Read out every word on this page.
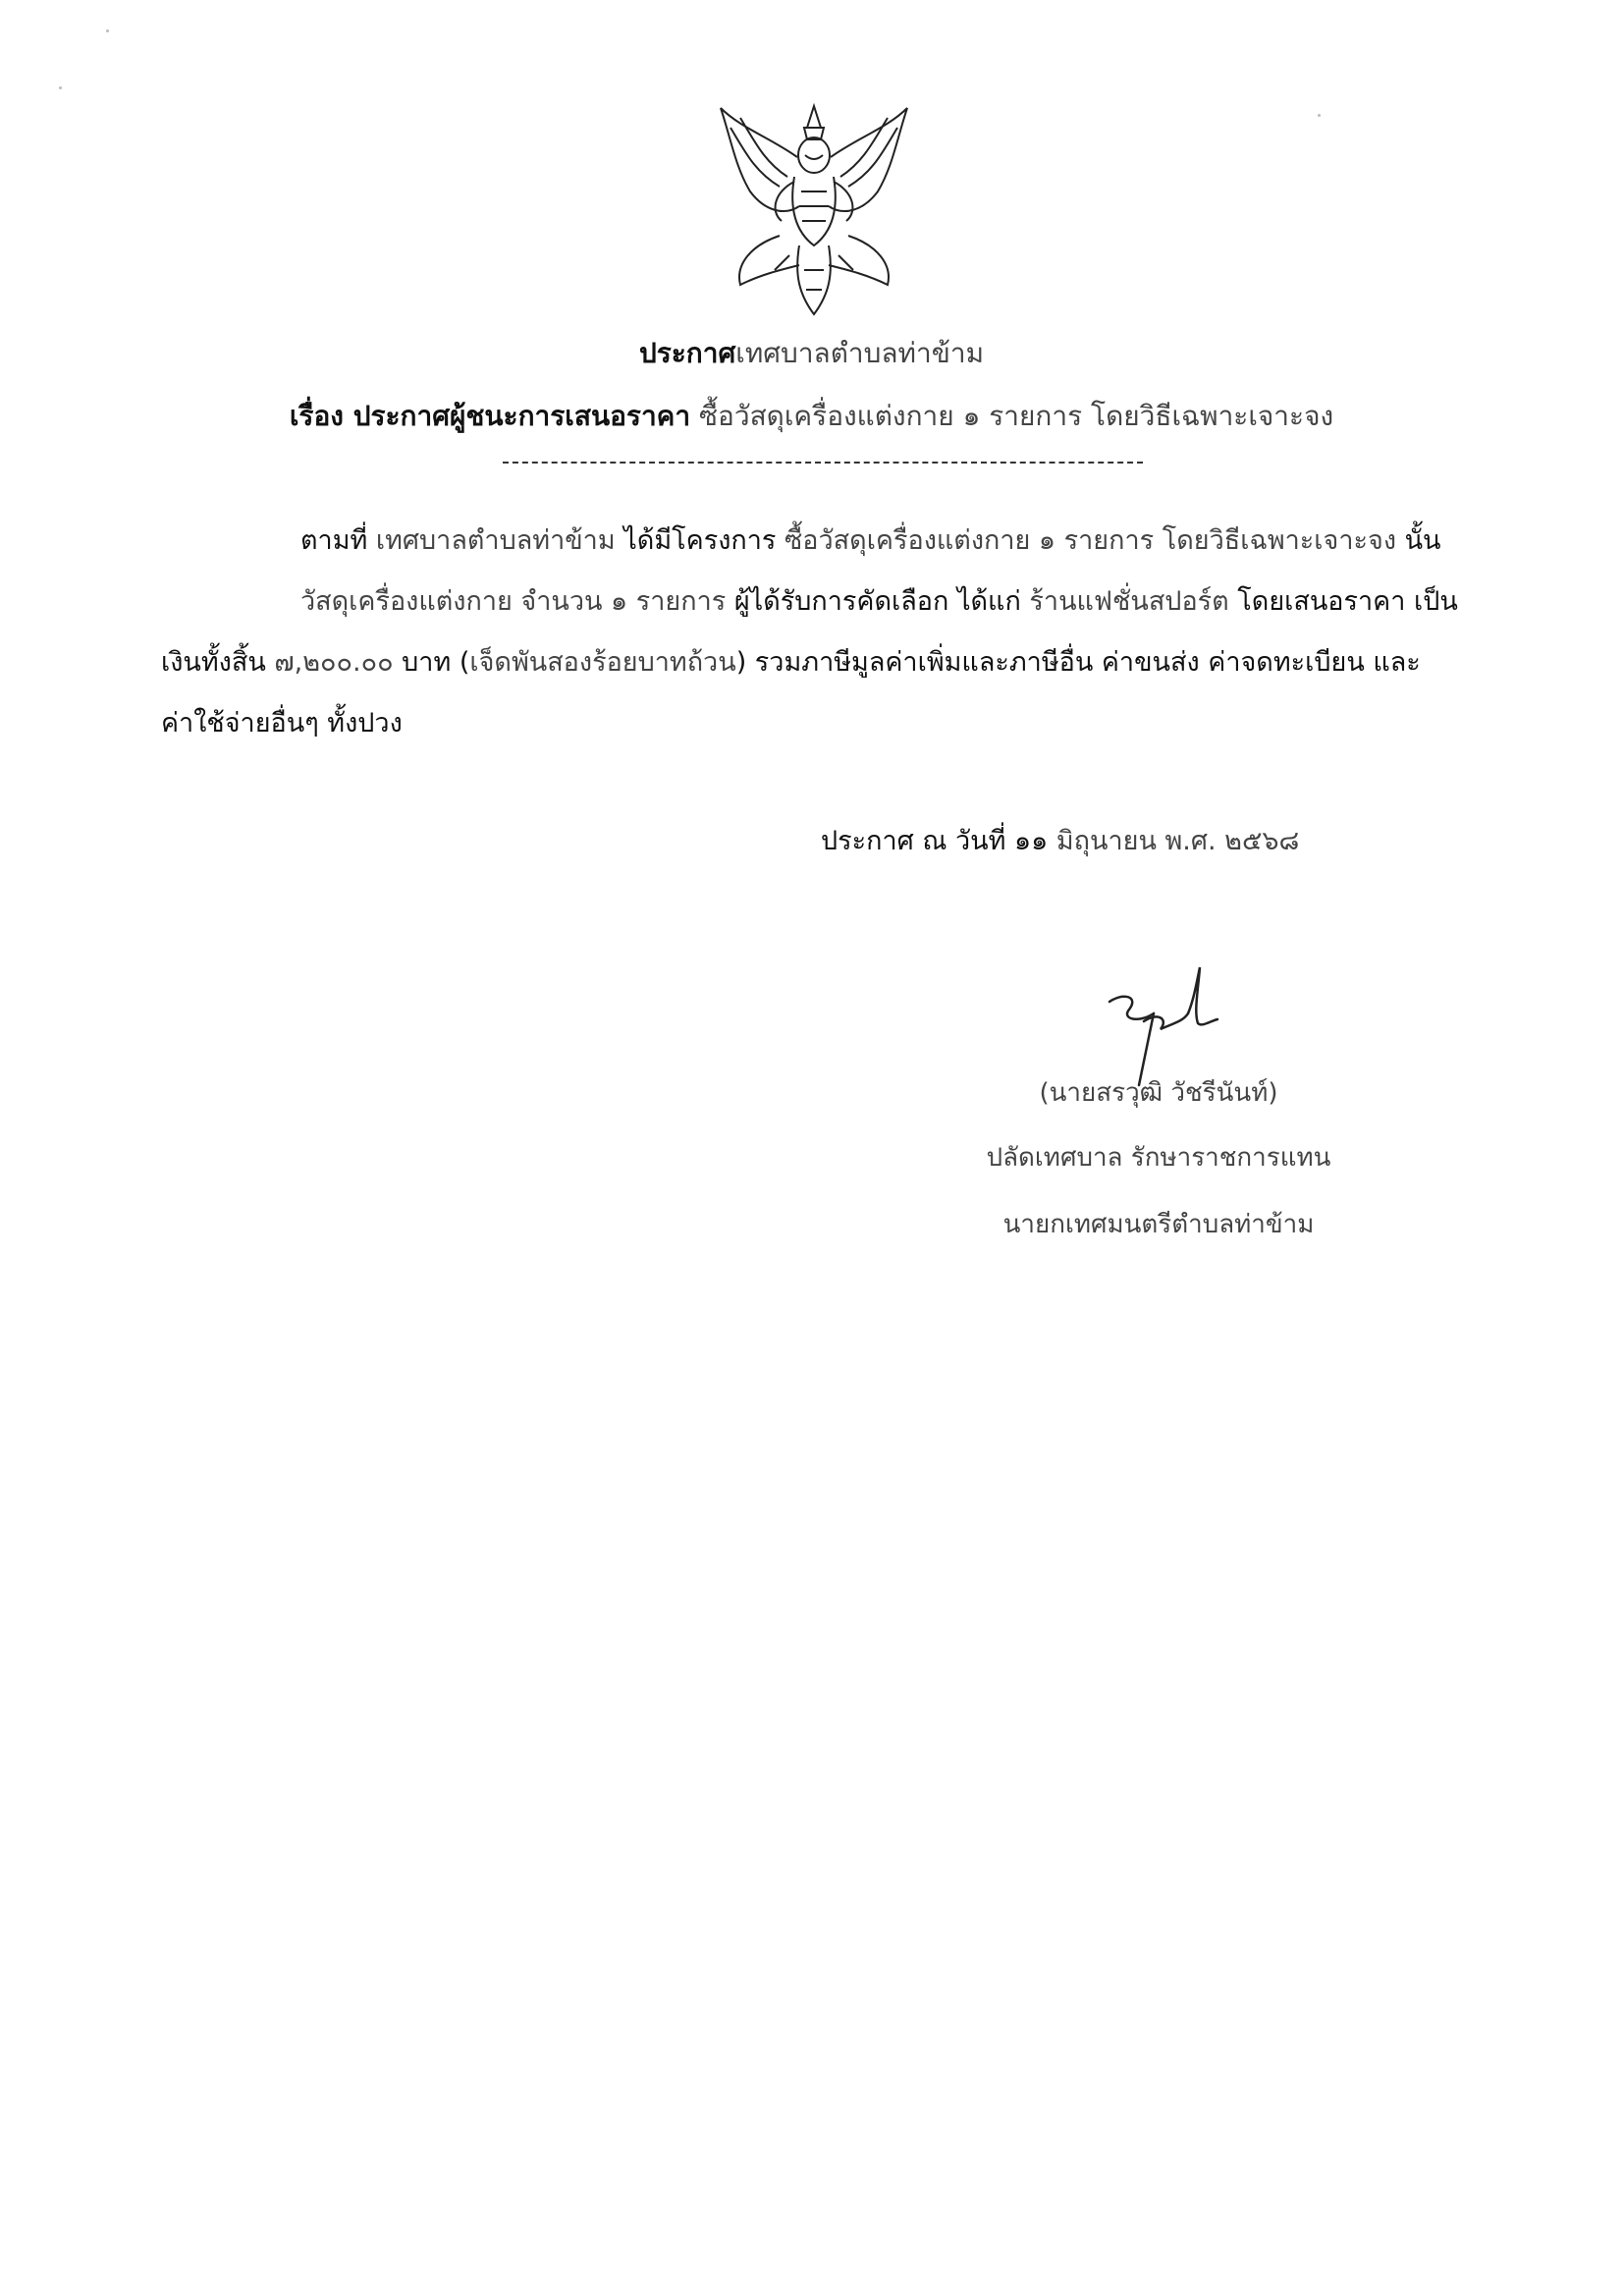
ประกาศเทศบาลตำบลท่าข้าม
เรื่อง ประกาศผู้ชนะการเสนอราคา ซื้อวัสดุเครื่องแต่งกาย ๑ รายการ โดยวิธีเฉพาะเจาะจง
ตามที่ เทศบาลตำบลท่าข้าม ได้มีโครงการ ซื้อวัสดุเครื่องแต่งกาย ๑ รายการ โดยวิธีเฉพาะเจาะจง นั้น
วัสดุเครื่องแต่งกาย จำนวน ๑ รายการ ผู้ได้รับการคัดเลือก ได้แก่ ร้านแฟชั่นสปอร์ต โดยเสนอราคา เป็น
เงินทั้งสิ้น ๗,๒๐๐.๐๐ บาท (เจ็ดพันสองร้อยบาทถ้วน) รวมภาษีมูลค่าเพิ่มและภาษีอื่น ค่าขนส่ง ค่าจดทะเบียน และ
ค่าใช้จ่ายอื่นๆ ทั้งปวง
ประกาศ ณ วันที่ ๑๑ มิถุนายน พ.ศ. ๒๕๖๘
(นายสรวุฒิ วัชรีนันท์)
ปลัดเทศบาล รักษาราชการแทน
นายกเทศมนตรีตำบลท่าข้าม
